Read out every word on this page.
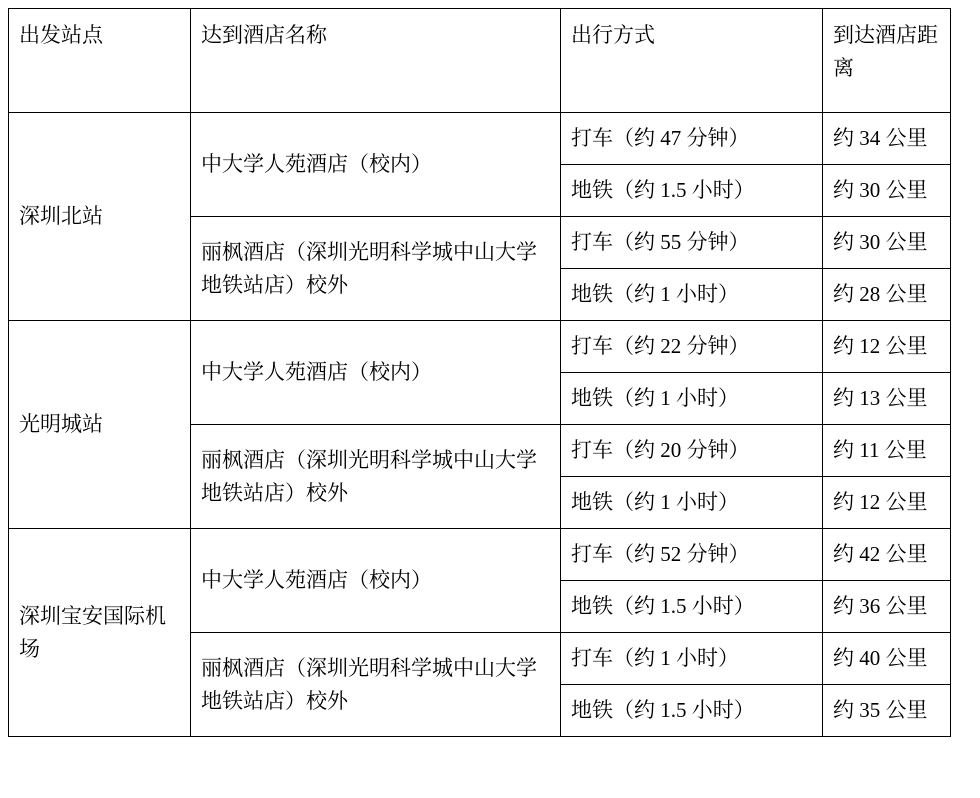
出发站点	达到酒店名称	出行方式	到达酒店距离
深圳北站	中大学人苑酒店（校内）	打车（约 47 分钟）	约 34 公里
		地铁（约 1.5 小时）	约 30 公里
	丽枫酒店（深圳光明科学城中山大学地铁站店）校外	打车（约 55 分钟）	约 30 公里
		地铁（约 1 小时）	约 28 公里
光明城站	中大学人苑酒店（校内）	打车（约 22 分钟）	约 12 公里
		地铁（约 1 小时）	约 13 公里
	丽枫酒店（深圳光明科学城中山大学地铁站店）校外	打车（约 20 分钟）	约 11 公里
		地铁（约 1 小时）	约 12 公里
深圳宝安国际机场	中大学人苑酒店（校内）	打车（约 52 分钟）	约 42 公里
		地铁（约 1.5 小时）	约 36 公里
	丽枫酒店（深圳光明科学城中山大学地铁站店）校外	打车（约 1 小时）	约 40 公里
		地铁（约 1.5 小时）	约 35 公里
